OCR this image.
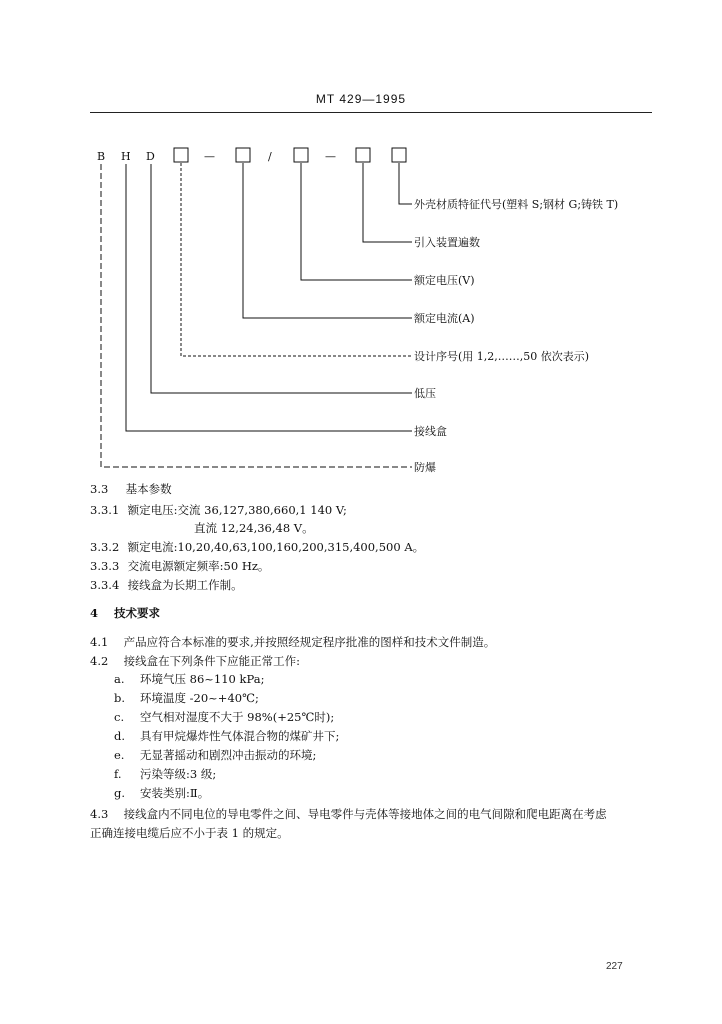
MT 429—1995
B H D	—	/	—
外壳材质特征代号(塑料 S;钢材 G;铸铁 T)
引入装置遍数
额定电压(V)
额定电流(A)
设计序号(用 1,2,……,50 依次表示)
低压
接线盒
防爆
3.3 基本参数
3.3.1 额定电压:交流 36,127,380,660,1 140 V;
直流 12,24,36,48 V。
3.3.2 额定电流:10,20,40,63,100,160,200,315,400,500 A。
3.3.3 交流电源额定频率:50 Hz。
3.3.4 接线盒为长期工作制。
4 技术要求
4.1 产品应符合本标准的要求,并按照经规定程序批准的图样和技术文件制造。
4.2 接线盒在下列条件下应能正常工作:
a. 环境气压 86~110 kPa;
b. 环境温度 -20~+40℃;
c. 空气相对湿度不大于 98%(+25℃时);
d. 具有甲烷爆炸性气体混合物的煤矿井下;
e. 无显著摇动和剧烈冲击振动的环境;
f. 污染等级:3 级;
g. 安装类别:Ⅱ。
4.3 接线盒内不同电位的导电零件之间、导电零件与壳体等接地体之间的电气间隙和爬电距离在考虑
正确连接电缆后应不小于表 1 的规定。
227
